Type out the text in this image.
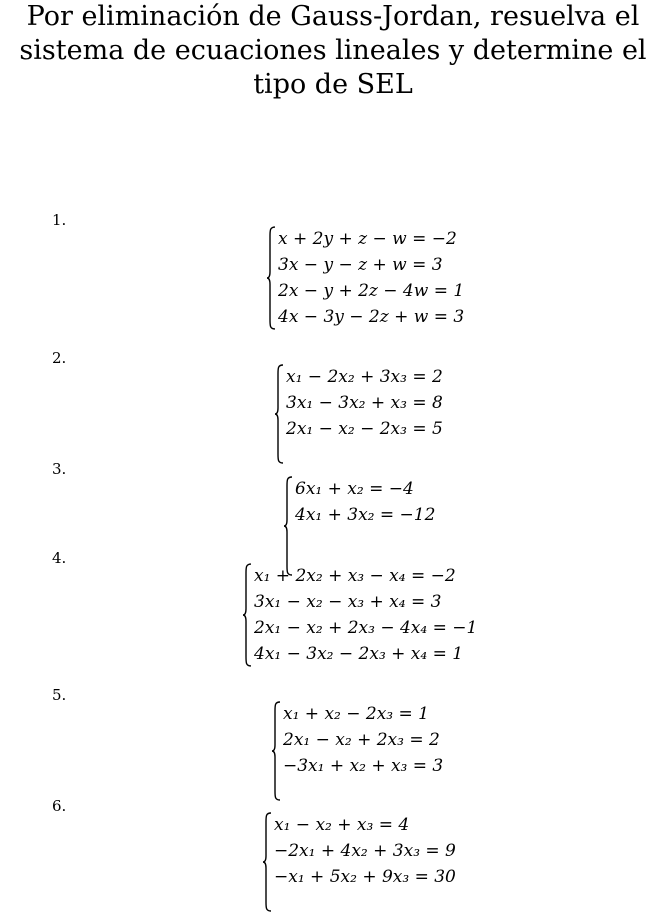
Por eliminación de Gauss-Jordan, resuelva el sistema de ecuaciones lineales y determine el tipo de SEL
1.
x + 2y + z − w = −2
3x − y − z + w = 3
2x − y + 2z − 4w = 1
4x − 3y − 2z + w = 3
2.
x₁ − 2x₂ + 3x₃ = 2
3x₁ − 3x₂ + x₃ = 8
2x₁ − x₂ − 2x₃ = 5
3.
6x₁ + x₂ = −4
4x₁ + 3x₂ = −12
4.
x₁ + 2x₂ + x₃ − x₄ = −2
3x₁ − x₂ − x₃ + x₄ = 3
2x₁ − x₂ + 2x₃ − 4x₄ = −1
4x₁ − 3x₂ − 2x₃ + x₄ = 1
5.
x₁ + x₂ − 2x₃ = 1
2x₁ − x₂ + 2x₃ = 2
−3x₁ + x₂ + x₃ = 3
6.
x₁ − x₂ + x₃ = 4
−2x₁ + 4x₂ + 3x₃ = 9
−x₁ + 5x₂ + 9x₃ = 30
